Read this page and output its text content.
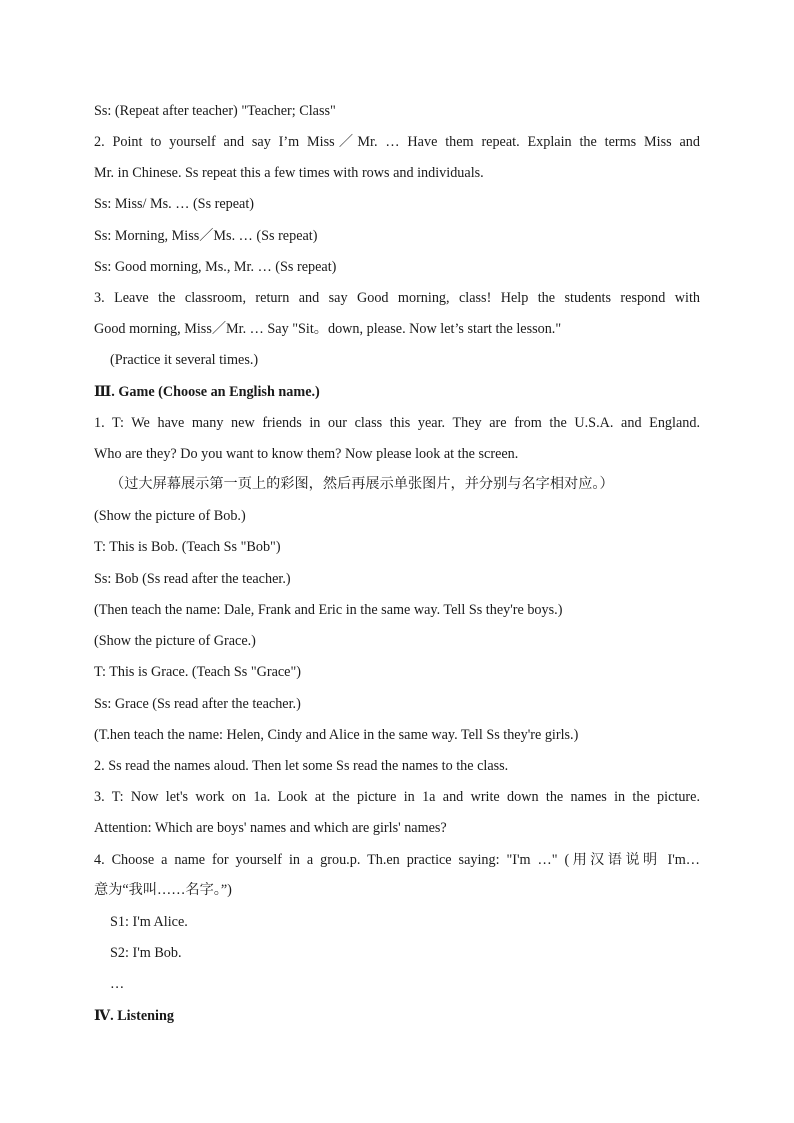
Ss: (Repeat after teacher) "Teacher; Class"
2. Point to yourself and say I’m Miss／Mr. … Have them repeat. Explain the terms Miss and
Mr. in Chinese. Ss repeat this a few times with rows and individuals.
Ss: Miss/ Ms. … (Ss repeat)
Ss: Morning, Miss／Ms. … (Ss repeat)
Ss: Good morning, Ms., Mr. … (Ss repeat)
3. Leave the classroom, return and say Good morning, class! Help the students respond with
Good morning, Miss／Mr. … Say "Sit。down, please. Now let’s start the lesson."
(Practice it several times.)
Ⅲ. Game (Choose an English name.)
1. T: We have many new friends in our class this year. They are from the U.S.A. and England.
Who are they? Do you want to know them? Now please look at the screen.
（过大屏幕展示第一页上的彩图，然后再展示单张图片，并分别与名字相对应。）
(Show the picture of Bob.)
T: This is Bob. (Teach Ss "Bob")
Ss: Bob (Ss read after the teacher.)
(Then teach the name: Dale, Frank and Eric in the same way. Tell Ss they're boys.)
(Show the picture of Grace.)
T: This is Grace. (Teach Ss "Grace")
Ss: Grace (Ss read after the teacher.)
(T.hen teach the name: Helen, Cindy and Alice in the same way. Tell Ss they're girls.)
2. Ss read the names aloud. Then let some Ss read the names to the class.
3. T: Now let's work on 1a. Look at the picture in 1a and write down the names in the picture.
Attention: Which are boys' names and which are girls' names?
4. Choose a name for yourself in a grou.p. Th.en practice saying: "I'm …" (用汉语说明 I'm…
意为“我叫……名字。”)
S1: I'm Alice.
S2: I'm Bob.
…
Ⅳ. Listening
